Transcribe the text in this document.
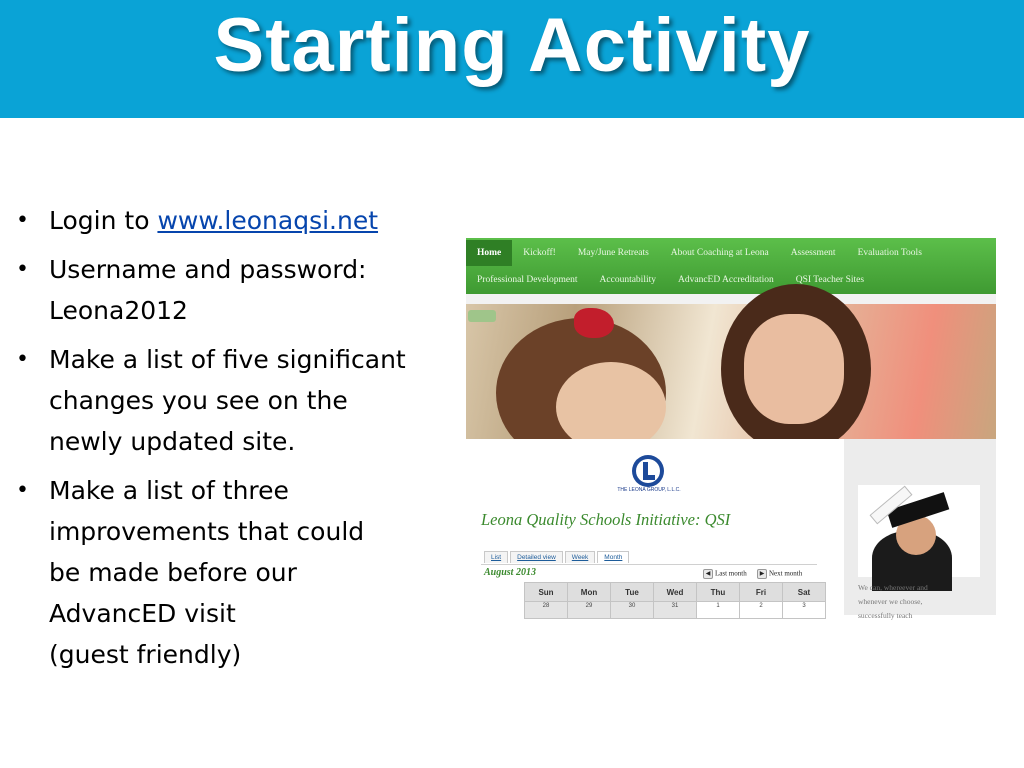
Starting Activity
• Login to www.leonaqsi.net
• Username and password:
Leona2012
• Make a list of five significant
changes you see on the
newly updated site.
• Make a list of three
improvements that could
be made before our
AdvancED visit
(guest friendly)
Home	Kickoff!	May/June Retreats	About Coaching at Leona	Assessment	Evaluation Tools
Professional Development	Accountability	AdvancED Accreditation	QSI Teacher Sites
THE LEONA GROUP, L.L.C.
Leona Quality Schools Initiative: QSI
List	Detailed view	Week	Month
August 2013	◀ Last month	▶ Next month
Sun	Mon	Tue	Wed	Thu	Fri	Sat
28	29	30	31	1	2	3
We can, whereever and
whenever we choose,
successfully teach
